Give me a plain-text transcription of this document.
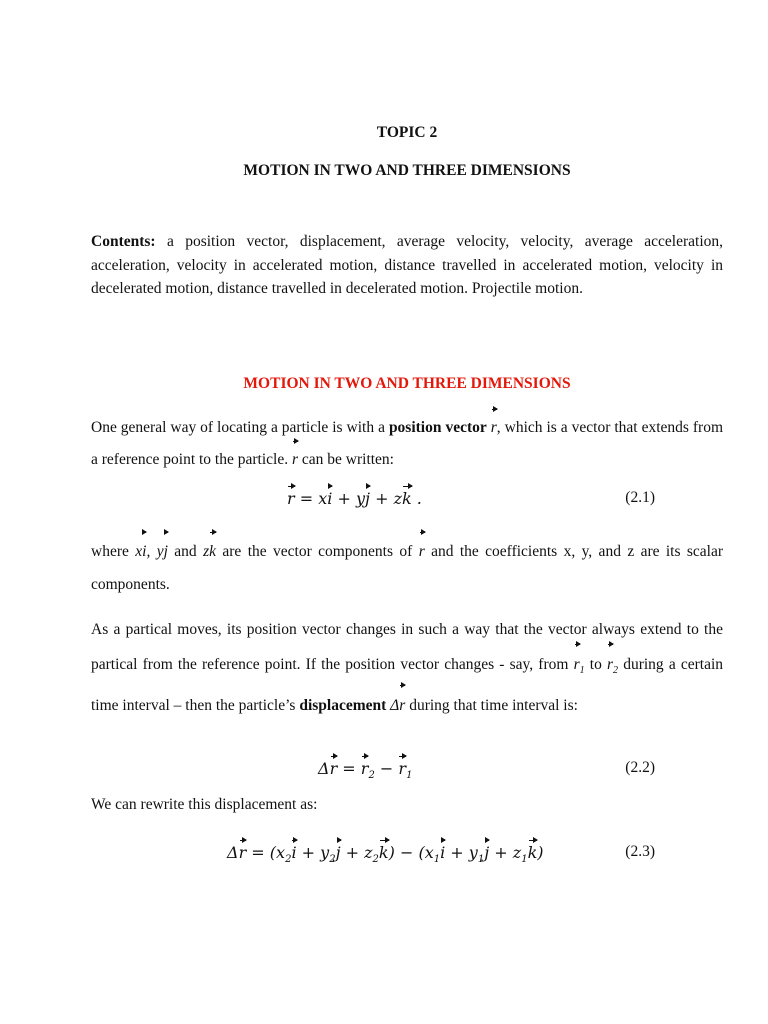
TOPIC 2
MOTION IN TWO AND THREE DIMENSIONS
Contents: a position vector, displacement, average velocity, velocity, average acceleration, acceleration, velocity in accelerated motion, distance travelled in accelerated motion, velocity in decelerated motion, distance travelled in decelerated motion. Projectile motion.
MOTION IN TWO AND THREE DIMENSIONS
One general way of locating a particle is with a position vector r, which is a vector that extends from a reference point to the particle. r can be written:
r = xi + yj + zk .	(2.1)
where xi, yj and zk are the vector components of r and the coefficients x, y, and z are its scalar components.
As a partical moves, its position vector changes in such a way that the vector always extend to the partical from the reference point. If the position vector changes - say, from $r_1$ to $r_2$ during a certain time interval – then the particle’s displacement Δr during that time interval is:
$\Delta r = r_2 - r_1$	(2.2)
We can rewrite this displacement as:
$\Delta r = (x_2i + y_2j + z_2k) - (x_1i + y_1j + z_1k)$	(2.3)
